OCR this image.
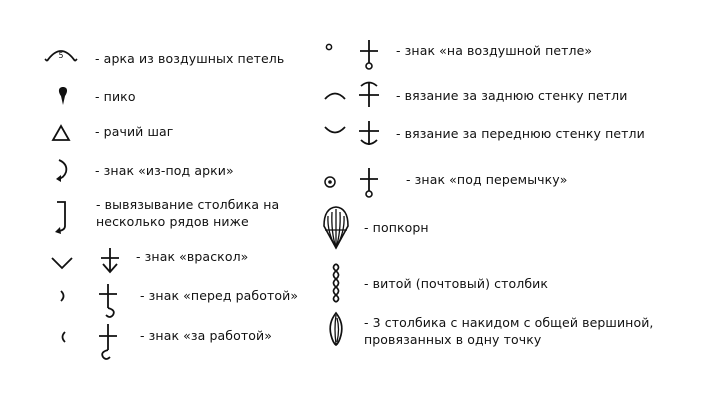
5	- арка из воздушных петель
- пико
- рачий шаг
- знак «из-под арки»
- вывязывание столбика на
несколько рядов ниже
- знак «враскол»
- знак «перед работой»
- знак «за работой»
- знак «на воздушной петле»
- вязание за заднюю стенку петли
- вязание за переднюю стенку петли
- знак «под перемычку»
- попкорн
- витой (почтовый) столбик
- 3 столбика с накидом с общей вершиной,
провязанных в одну точку
